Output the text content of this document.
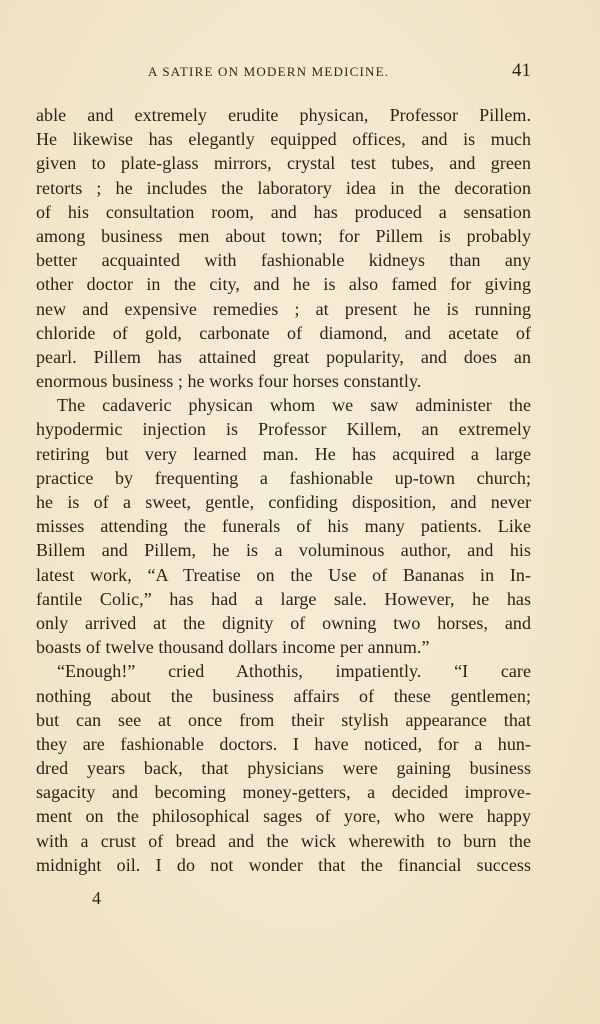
A SATIRE ON MODERN MEDICINE.	41
able and extremely erudite physican, Professor Pillem.
He likewise has elegantly equipped offices, and is much
given to plate-glass mirrors, crystal test tubes, and green
retorts ; he includes the laboratory idea in the decoration
of his consultation room, and has produced a sensation
among business men about town; for Pillem is probably
better acquainted with fashionable kidneys than any
other doctor in the city, and he is also famed for giving
new and expensive remedies ; at present he is running
chloride of gold, carbonate of diamond, and acetate of
pearl. Pillem has attained great popularity, and does an
enormous business ; he works four horses constantly.
The cadaveric physican whom we saw administer the
hypodermic injection is Professor Killem, an extremely
retiring but very learned man. He has acquired a large
practice by frequenting a fashionable up-town church;
he is of a sweet, gentle, confiding disposition, and never
misses attending the funerals of his many patients. Like
Billem and Pillem, he is a voluminous author, and his
latest work, “A Treatise on the Use of Bananas in In-
fantile Colic,” has had a large sale. However, he has
only arrived at the dignity of owning two horses, and
boasts of twelve thousand dollars income per annum.”
“Enough!” cried Athothis, impatiently. “I care
nothing about the business affairs of these gentlemen;
but can see at once from their stylish appearance that
they are fashionable doctors. I have noticed, for a hun-
dred years back, that physicians were gaining business
sagacity and becoming money-getters, a decided improve-
ment on the philosophical sages of yore, who were happy
with a crust of bread and the wick wherewith to burn the
midnight oil. I do not wonder that the financial success
4
